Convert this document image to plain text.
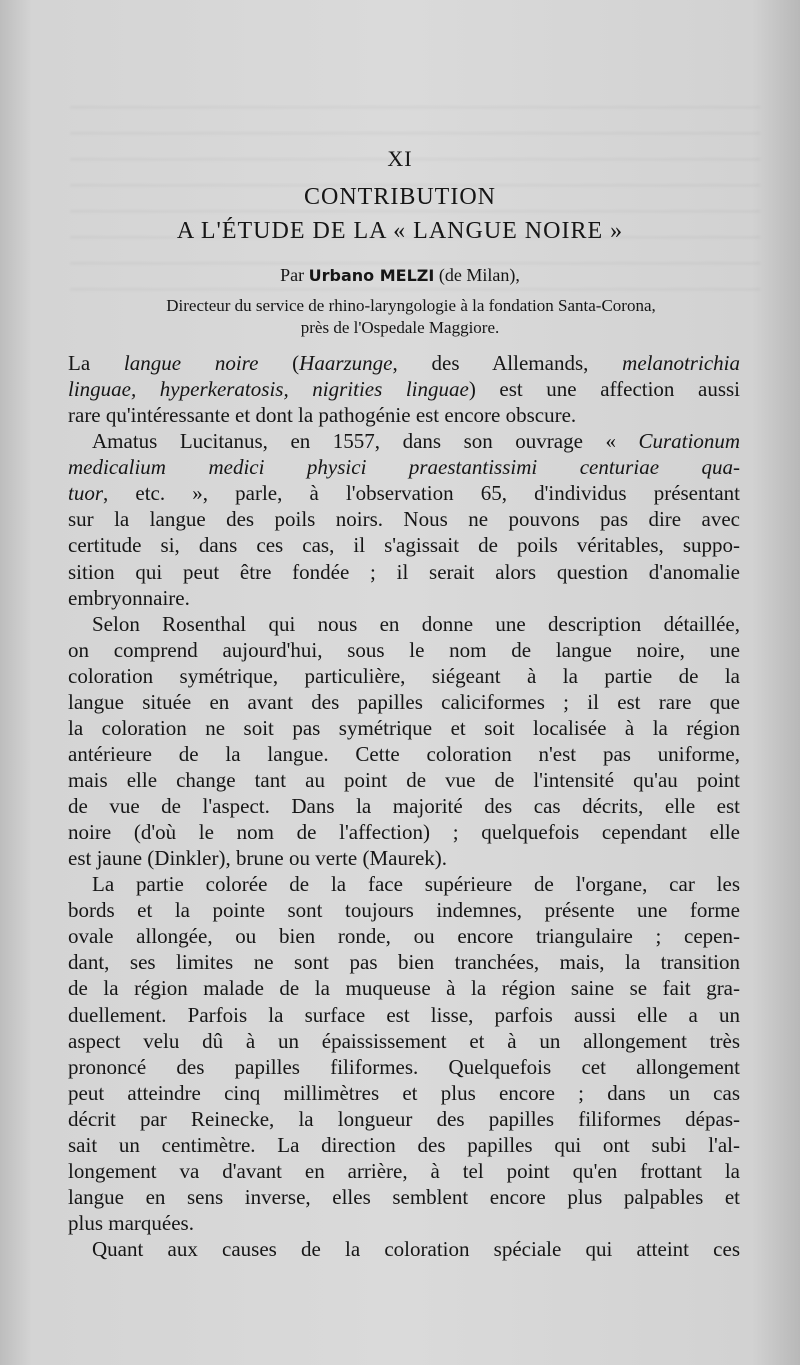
XI
CONTRIBUTION
A L'ÉTUDE DE LA « LANGUE NOIRE »
Par Urbano MELZI (de Milan),
Directeur du service de rhino-laryngologie à la fondation Santa-Corona,
près de l'Ospedale Maggiore.
La langue noire (Haarzunge, des Allemands, melanotrichia
linguae, hyperkeratosis, nigrities linguae) est une affection aussi
rare qu'intéressante et dont la pathogénie est encore obscure.
Amatus Lucitanus, en 1557, dans son ouvrage « Curationum
medicalium medici physici praestantissimi centuriae qua-
tuor, etc. », parle, à l'observation 65, d'individus présentant
sur la langue des poils noirs. Nous ne pouvons pas dire avec
certitude si, dans ces cas, il s'agissait de poils véritables, suppo-
sition qui peut être fondée ; il serait alors question d'anomalie
embryonnaire.
Selon Rosenthal qui nous en donne une description détaillée,
on comprend aujourd'hui, sous le nom de langue noire, une
coloration symétrique, particulière, siégeant à la partie de la
langue située en avant des papilles caliciformes ; il est rare que
la coloration ne soit pas symétrique et soit localisée à la région
antérieure de la langue. Cette coloration n'est pas uniforme,
mais elle change tant au point de vue de l'intensité qu'au point
de vue de l'aspect. Dans la majorité des cas décrits, elle est
noire (d'où le nom de l'affection) ; quelquefois cependant elle
est jaune (Dinkler), brune ou verte (Maurek).
La partie colorée de la face supérieure de l'organe, car les
bords et la pointe sont toujours indemnes, présente une forme
ovale allongée, ou bien ronde, ou encore triangulaire ; cepen-
dant, ses limites ne sont pas bien tranchées, mais, la transition
de la région malade de la muqueuse à la région saine se fait gra-
duellement. Parfois la surface est lisse, parfois aussi elle a un
aspect velu dû à un épaississement et à un allongement très
prononcé des papilles filiformes. Quelquefois cet allongement
peut atteindre cinq millimètres et plus encore ; dans un cas
décrit par Reinecke, la longueur des papilles filiformes dépas-
sait un centimètre. La direction des papilles qui ont subi l'al-
longement va d'avant en arrière, à tel point qu'en frottant la
langue en sens inverse, elles semblent encore plus palpables et
plus marquées.
Quant aux causes de la coloration spéciale qui atteint ces
